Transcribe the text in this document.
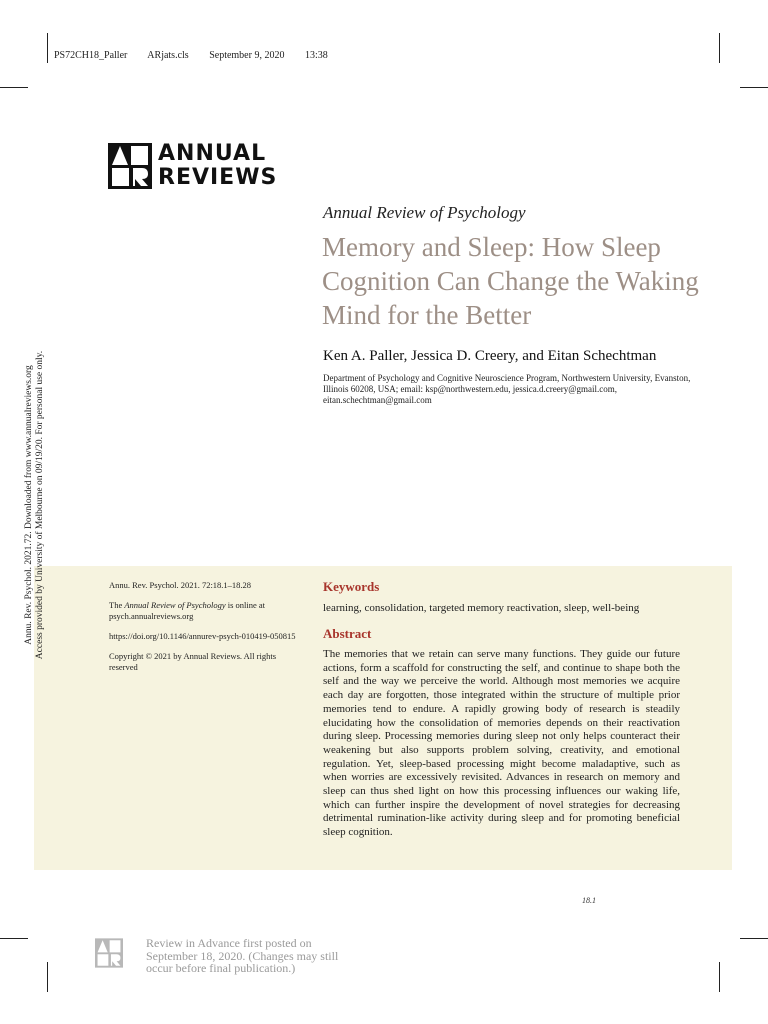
PS72CH18_Paller ARjats.cls September 9, 2020 13:38
ANNUAL
REVIEWS
Annual Review of Psychology
Memory and Sleep: How Sleep Cognition Can Change the Waking Mind for the Better
Ken A. Paller, Jessica D. Creery, and Eitan Schechtman
Department of Psychology and Cognitive Neuroscience Program, Northwestern University, Evanston, Illinois 60208, USA; email: ksp@northwestern.edu, jessica.d.creery@gmail.com, eitan.schechtman@gmail.com

Annu. Rev. Psychol. 2021. 72:18.1–18.28

The Annual Review of Psychology is online at psych.annualreviews.org

https://doi.org/10.1146/annurev-psych-010419-050815

Copyright © 2021 by Annual Reviews. All rights reserved

Keywords
learning, consolidation, targeted memory reactivation, sleep, well-being
Abstract
The memories that we retain can serve many functions. They guide our future actions, form a scaffold for constructing the self, and continue to shape both the self and the way we perceive the world. Although most memories we acquire each day are forgotten, those integrated within the structure of multiple prior memories tend to endure. A rapidly growing body of research is steadily elucidating how the consolidation of memories depends on their reactivation during sleep. Processing memories during sleep not only helps counteract their weakening but also supports problem solving, creativity, and emotional regulation. Yet, sleep-based processing might become maladaptive, such as when worries are excessively revisited. Advances in research on memory and sleep can thus shed light on how this processing influences our waking life, which can further inspire the development of novel strategies for decreasing detrimental rumination-like activity during sleep and for promoting beneficial sleep cognition.
18.1
Review in Advance first posted on September 18, 2020. (Changes may still occur before final publication.)
Annu. Rev. Psychol. 2021.72. Downloaded from www.annualreviews.org Access provided by University of Melbourne on 09/19/20. For personal use only.
